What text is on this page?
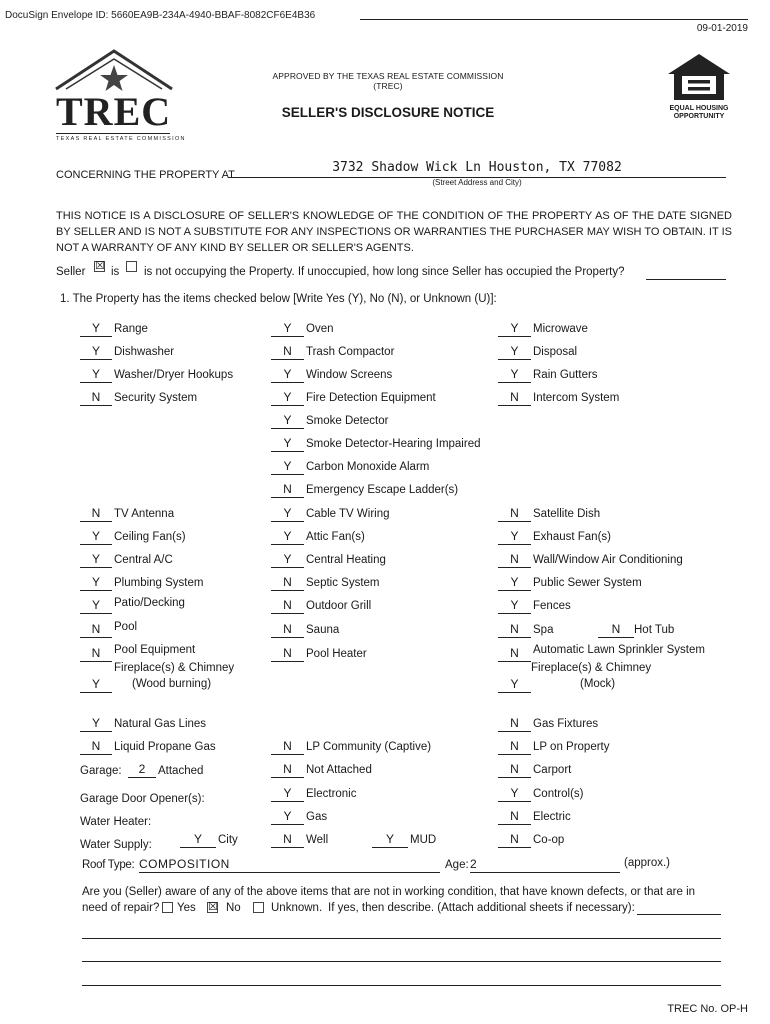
DocuSign Envelope ID: 5660EA9B-234A-4940-BBAF-8082CF6E4B36
09-01-2019
TREC
TEXAS REAL ESTATE COMMISSION
APPROVED BY THE TEXAS REAL ESTATE COMMISSION (TREC)
SELLER'S DISCLOSURE NOTICE	EQUAL HOUSING
OPPORTUNITY
CONCERNING THE PROPERTY AT	3732 Shadow Wick Ln Houston, TX 77082
(Street Address and City)
THIS NOTICE IS A DISCLOSURE OF SELLER'S KNOWLEDGE OF THE CONDITION OF THE PROPERTY AS OF THE DATE SIGNED BY SELLER AND IS NOT A SUBSTITUTE FOR ANY INSPECTIONS OR WARRANTIES THE PURCHASER MAY WISH TO OBTAIN. IT IS NOT A WARRANTY OF ANY KIND BY SELLER OR SELLER'S AGENTS.
Seller ☒ is is not occupying the Property. If unoccupied, how long since Seller has occupied the Property?
1. The Property has the items checked below [Write Yes (Y), No (N), or Unknown (U)]:
Y	Range	Y	Oven	Y	Microwave
Y	Dishwasher	N	Trash Compactor	Y	Disposal
Y	Washer/Dryer Hookups	Y	Window Screens	Y	Rain Gutters
N	Security System	Y	Fire Detection Equipment	N	Intercom System
Y	Smoke Detector
Y	Smoke Detector-Hearing Impaired
Y	Carbon Monoxide Alarm
N	Emergency Escape Ladder(s)
N	TV Antenna	Y	Cable TV Wiring	N	Satellite Dish
Y	Ceiling Fan(s)	Y	Attic Fan(s)	Y	Exhaust Fan(s)
Y	Central A/C	Y	Central Heating	N	Wall/Window Air Conditioning
Y	Plumbing System	N	Septic System	Y	Public Sewer System
Y	Patio/Decking	N	Outdoor Grill	Y	Fences
N	Pool	N	Sauna	N	Spa	N	Hot Tub
N	Pool Equipment	N	Pool Heater	N	Automatic Lawn Sprinkler System
Fireplace(s) & Chimney
Y	(Wood burning)
Fireplace(s) & Chimney
Y	(Mock)
Y	Natural Gas Lines	N	Gas Fixtures
N	Liquid Propane Gas	N	LP Community (Captive)	N	LP on Property
Garage:	2	Attached	N	Not Attached	N	Carport
Garage Door Opener(s):	Y	Electronic	Y	Control(s)
Water Heater:	Y	Gas	N	Electric
Water Supply:	Y	City	N	Well	Y	MUD	N	Co-op
Roof Type: COMPOSITION	Age: 2	(approx.)
Are you (Seller) aware of any of the above items that are not in working condition, that have known defects, or that are in
need of repair? Yes ☒ No	Unknown. If yes, then describe. (Attach additional sheets if necessary):
TREC No. OP-H
